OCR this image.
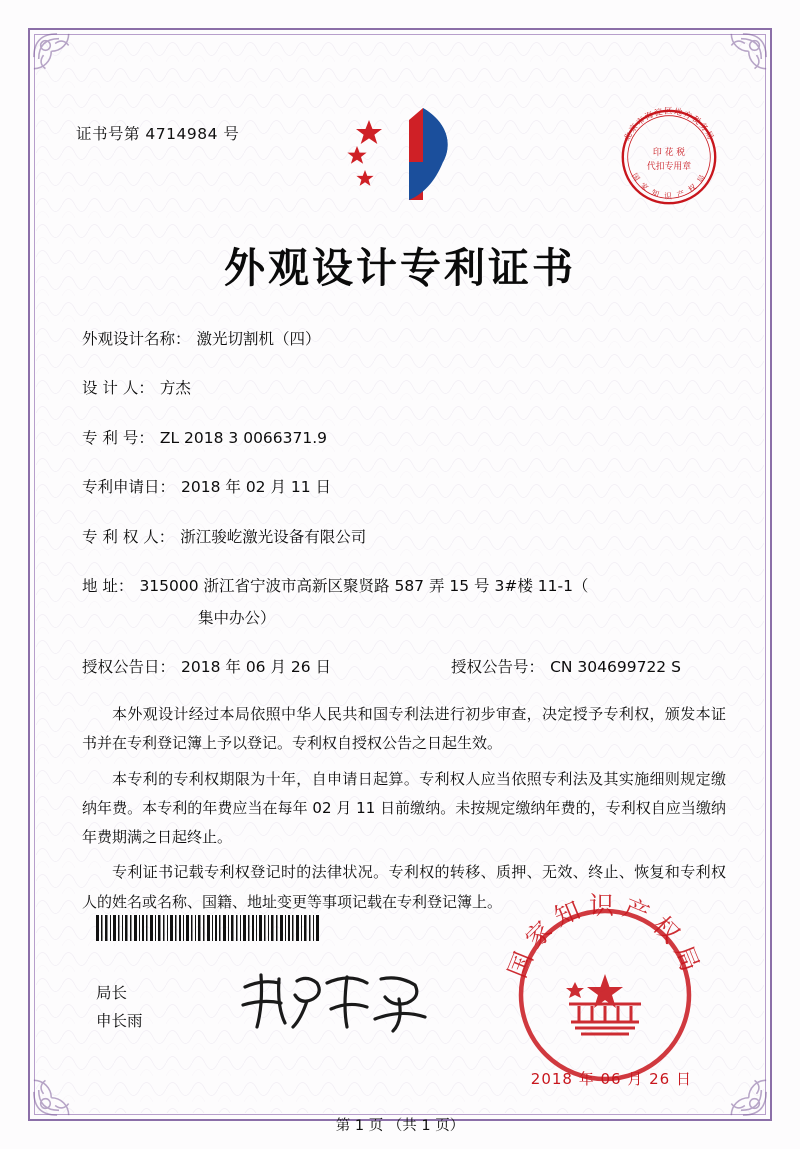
证书号第 4714984 号	北京市海淀区地方税务局
国 家 知 识 产 权 局
印 花 税
代扣专用章
外观设计专利证书
外观设计名称： 激光切割机（四）
设 计 人： 方杰
专 利 号： ZL 2018 3 0066371.9
专利申请日： 2018 年 02 月 11 日
专 利 权 人： 浙江骏屹激光设备有限公司
地 址： 315000 浙江省宁波市高新区聚贤路 587 弄 15 号 3#楼 11-1（
集中办公）
授权公告日： 2018 年 06 月 26 日	授权公告号： CN 304699722 S

本外观设计经过本局依照中华人民共和国专利法进行初步审查，决定授予专利权，颁发本证书并在专利登记簿上予以登记。专利权自授权公告之日起生效。

本专利的专利权期限为十年，自申请日起算。专利权人应当依照专利法及其实施细则规定缴纳年费。本专利的年费应当在每年 02 月 11 日前缴纳。未按规定缴纳年费的，专利权自应当缴纳年费期满之日起终止。

专利证书记载专利权登记时的法律状况。专利权的转移、质押、无效、终止、恢复和专利权人的姓名或名称、国籍、地址变更等事项记载在专利登记簿上。

局长
申长雨
国家知识产权局
2018 年 06 月 26 日
第 1 页 （共 1 页）
